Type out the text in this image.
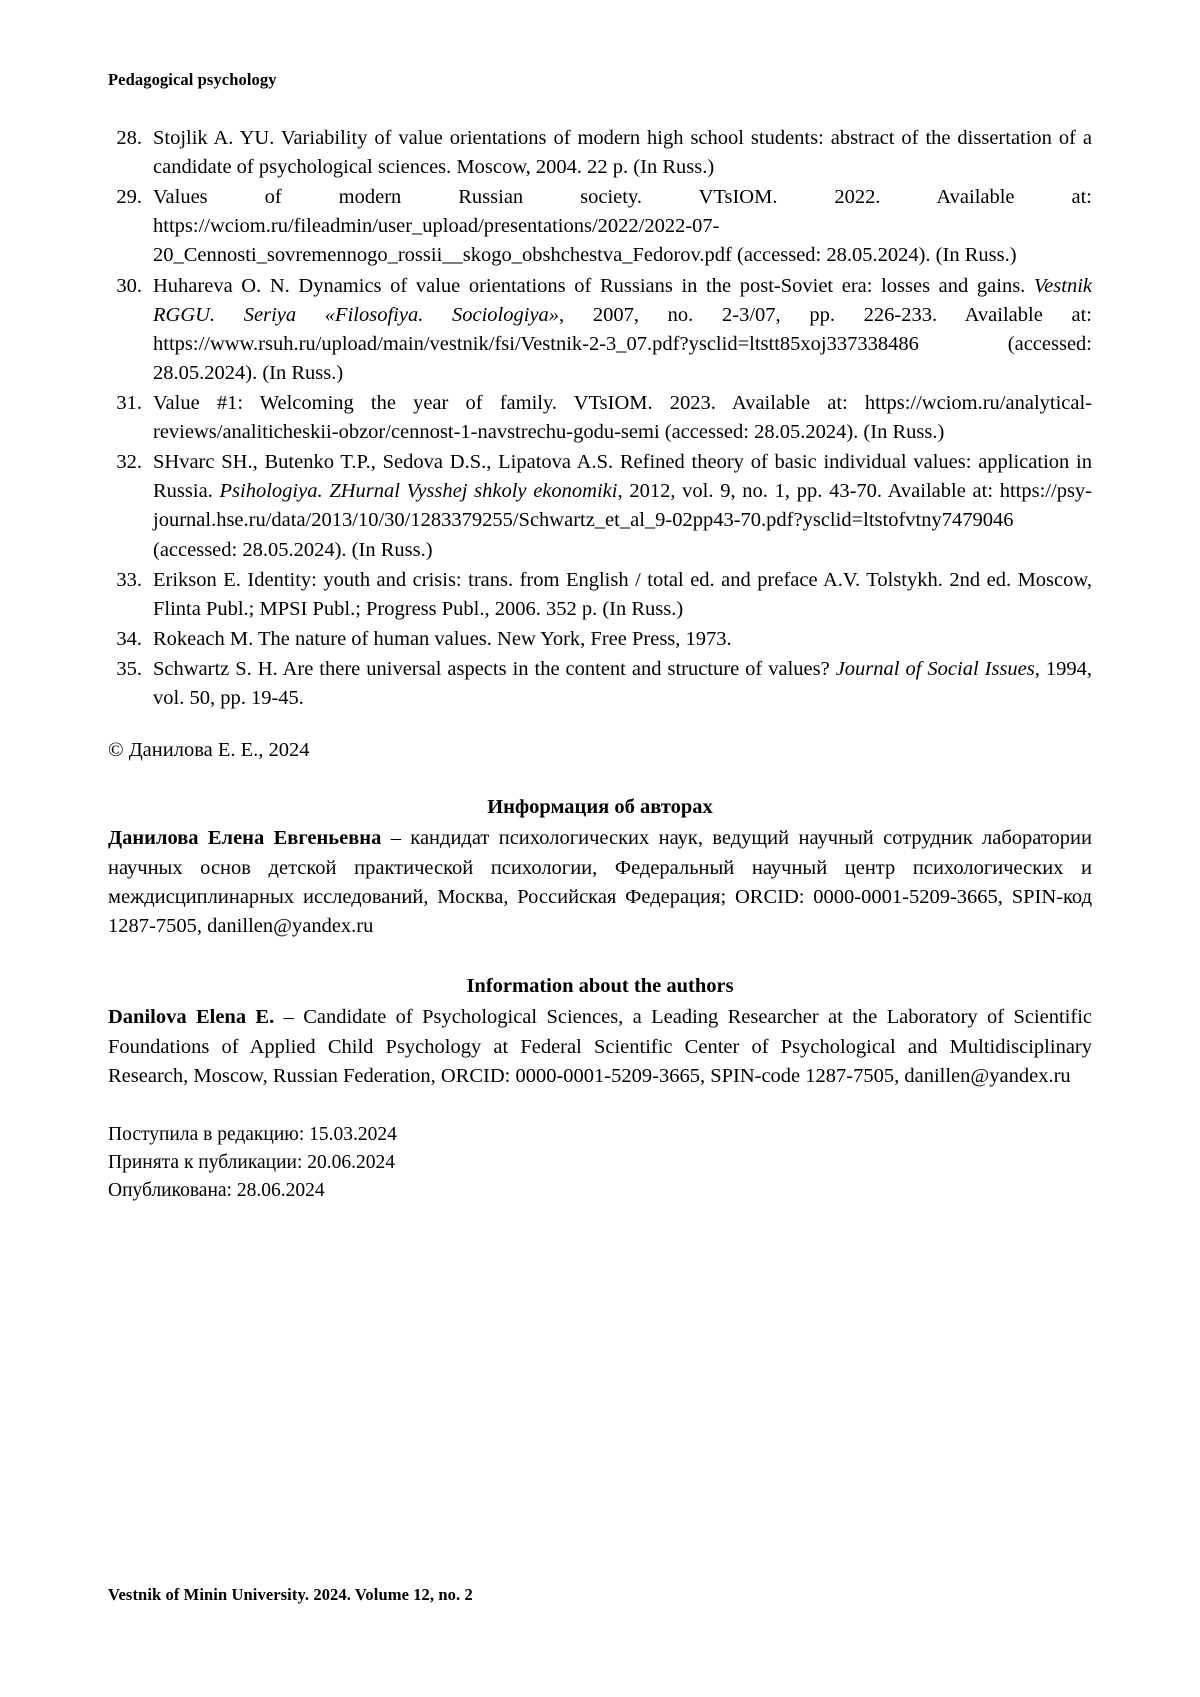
Pedagogical psychology
28. Stojlik A. YU. Variability of value orientations of modern high school students: abstract of the dissertation of a candidate of psychological sciences. Moscow, 2004. 22 p. (In Russ.)
29. Values of modern Russian society. VTsIOM. 2022. Available at: https://wciom.ru/fileadmin/user_upload/presentations/2022/2022-07-20_Cennosti_sovremennogo_rossii__skogo_obshchestva_Fedorov.pdf (accessed: 28.05.2024). (In Russ.)
30. Huhareva O. N. Dynamics of value orientations of Russians in the post-Soviet era: losses and gains. Vestnik RGGU. Seriya «Filosofiya. Sociologiya», 2007, no. 2-3/07, pp. 226-233. Available at: https://www.rsuh.ru/upload/main/vestnik/fsi/Vestnik-2-3_07.pdf?ysclid=ltstt85xoj337338486 (accessed: 28.05.2024). (In Russ.)
31. Value #1: Welcoming the year of family. VTsIOM. 2023. Available at: https://wciom.ru/analytical-reviews/analiticheskii-obzor/cennost-1-navstrechu-godu-semi (accessed: 28.05.2024). (In Russ.)
32. SHvarc SH., Butenko T.P., Sedova D.S., Lipatova A.S. Refined theory of basic individual values: application in Russia. Psihologiya. ZHurnal Vysshej shkoly ekonomiki, 2012, vol. 9, no. 1, pp. 43-70. Available at: https://psy-journal.hse.ru/data/2013/10/30/1283379255/Schwartz_et_al_9-02pp43-70.pdf?ysclid=ltstofvtny7479046 (accessed: 28.05.2024). (In Russ.)
33. Erikson E. Identity: youth and crisis: trans. from English / total ed. and preface A.V. Tolstykh. 2nd ed. Moscow, Flinta Publ.; MPSI Publ.; Progress Publ., 2006. 352 p. (In Russ.)
34. Rokeach M. The nature of human values. New York, Free Press, 1973.
35. Schwartz S. H. Are there universal aspects in the content and structure of values? Journal of Social Issues, 1994, vol. 50, pp. 19-45.

© Данилова Е. Е., 2024

Информация об авторах

Данилова Елена Евгеньевна – кандидат психологических наук, ведущий научный сотрудник лаборатории научных основ детской практической психологии, Федеральный научный центр психологических и междисциплинарных исследований, Москва, Российская Федерация; ORCID: 0000-0001-5209-3665, SPIN-код 1287-7505, danillen@yandex.ru

Information about the authors

Danilova Elena E. – Candidate of Psychological Sciences, a Leading Researcher at the Laboratory of Scientific Foundations of Applied Child Psychology at Federal Scientific Center of Psychological and Multidisciplinary Research, Moscow, Russian Federation, ORCID: 0000-0001-5209-3665, SPIN-code 1287-7505, danillen@yandex.ru

Поступила в редакцию: 15.03.2024
Принята к публикации: 20.06.2024
Опубликована: 28.06.2024
Vestnik of Minin University. 2024. Volume 12, no. 2
